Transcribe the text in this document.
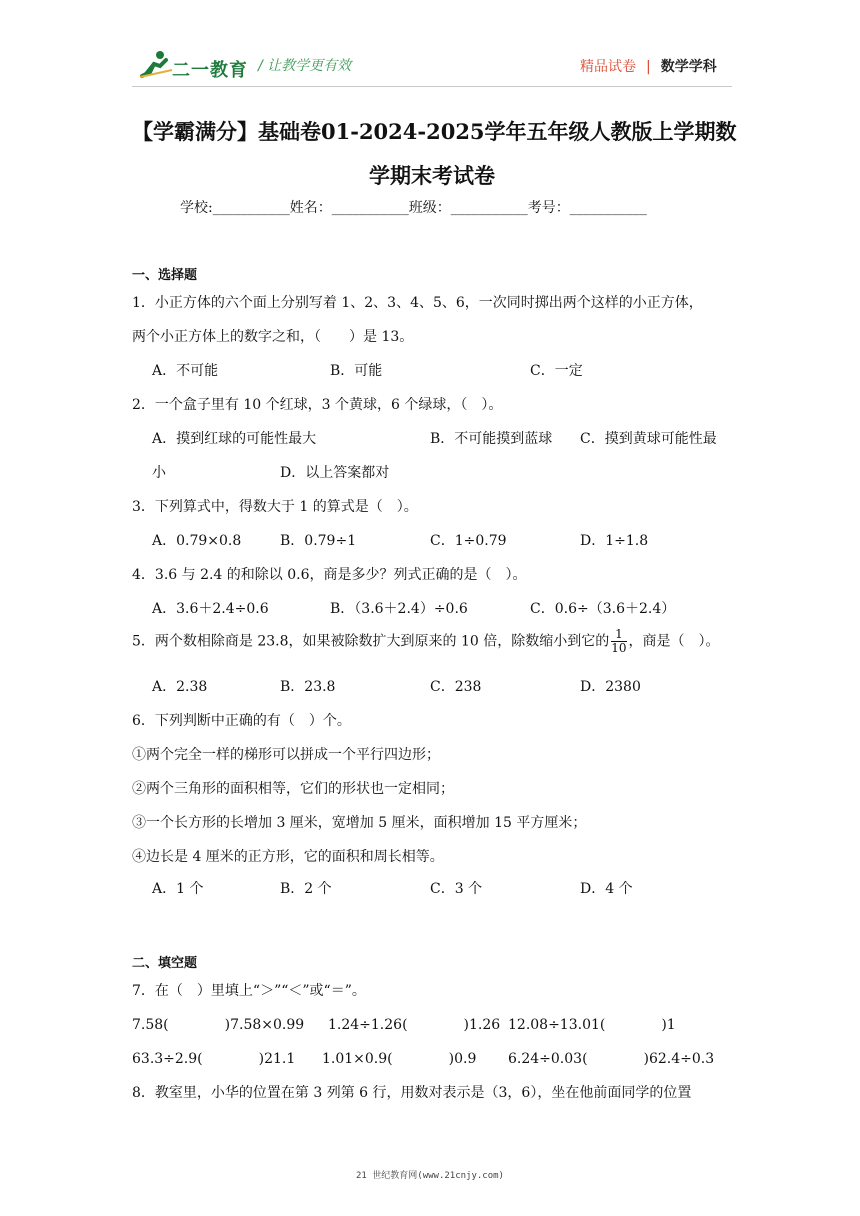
二一教育 / 让教学更有效	精品试卷 | 数学学科
【学霸满分】基础卷01-2024-2025学年五年级人教版上学期数
学期末考试卷
学校:___________姓名：___________班级：___________考号：___________
一、选择题
1．小正方体的六个面上分别写着 1、2、3、4、5、6，一次同时掷出两个这样的小正方体，
两个小正方体上的数字之和，（　　）是 13。
A．不可能	B．可能	C．一定
2．一个盒子里有 10 个红球，3 个黄球，6 个绿球，（　）。
A．摸到红球的可能性最大	B．不可能摸到蓝球 C．摸到黄球可能性最
小	D．以上答案都对
3．下列算式中，得数大于 1 的算式是（　）。
A．0.79×0.8	B．0.79÷1	C．1÷0.79	D．1÷1.8
4．3.6 与 2.4 的和除以 0.6，商是多少？列式正确的是（　）。
A．3.6＋2.4÷0.6	B．（3.6＋2.4）÷0.6	C．0.6÷（3.6＋2.4）
5．两个数相除商是 23.8，如果被除数扩大到原来的 10 倍，除数缩小到它的 $\frac{1}{10}$ ，商是（　）。
A．2.38	B．23.8	C．238	D．2380
6．下列判断中正确的有（　）个。
①两个完全一样的梯形可以拼成一个平行四边形；
②两个三角形的面积相等，它们的形状也一定相同；
③一个长方形的长增加 3 厘米，宽增加 5 厘米，面积增加 15 平方厘米；
④边长是 4 厘米的正方形，它的面积和周长相等。
A．1 个	B．2 个	C．3 个	D．4 个
二、填空题
7．在（　）里填上“＞”“＜”或“＝”。
7.58(　　　　)7.58×0.99 1.24÷1.26(　　　　)1.26 12.08÷13.01(　　　　)1
63.3÷2.9(　　　　)21.1 1.01×0.9(　　　　)0.9 6.24÷0.03(　　　　)62.4÷0.3
8．教室里，小华的位置在第 3 列第 6 行，用数对表示是（3，6），坐在他前面同学的位置
21 世纪教育网(www.21cnjy.com)
